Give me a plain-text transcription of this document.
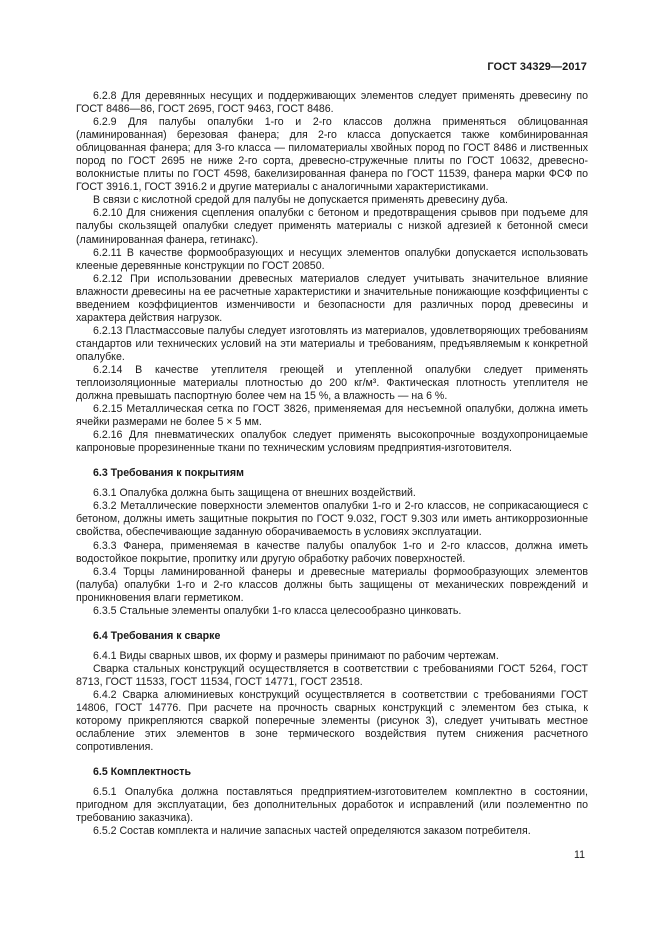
ГОСТ 34329—2017

6.2.8 Для деревянных несущих и поддерживающих элементов следует применять древесину по ГОСТ 8486—86, ГОСТ 2695, ГОСТ 9463, ГОСТ 8486.

6.2.9 Для палубы опалубки 1-го и 2-го классов должна применяться облицованная (ламинированная) березовая фанера; для 2-го класса допускается также комбинированная облицованная фанера; для 3-го класса — пиломатериалы хвойных пород по ГОСТ 8486 и лиственных пород по ГОСТ 2695 не ниже 2-го сорта, древесно-стружечные плиты по ГОСТ 10632, древесно-волокнистые плиты по ГОСТ 4598, бакелизированная фанера по ГОСТ 11539, фанера марки ФСФ по ГОСТ 3916.1, ГОСТ 3916.2 и другие материалы с аналогичными характеристиками.

В связи с кислотной средой для палубы не допускается применять древесину дуба.

6.2.10 Для снижения сцепления опалубки с бетоном и предотвращения срывов при подъеме для палубы скользящей опалубки следует применять материалы с низкой адгезией к бетонной смеси (ламинированная фанера, гетинакс).

6.2.11 В качестве формообразующих и несущих элементов опалубки допускается использовать клееные деревянные конструкции по ГОСТ 20850.

6.2.12 При использовании древесных материалов следует учитывать значительное влияние влажности древесины на ее расчетные характеристики и значительные понижающие коэффициенты с введением коэффициентов изменчивости и безопасности для различных пород древесины и характера действия нагрузок.

6.2.13 Пластмассовые палубы следует изготовлять из материалов, удовлетворяющих требованиям стандартов или технических условий на эти материалы и требованиям, предъявляемым к конкретной опалубке.

6.2.14 В качестве утеплителя греющей и утепленной опалубки следует применять теплоизоляционные материалы плотностью до 200 кг/м³. Фактическая плотность утеплителя не должна превышать паспортную более чем на 15 %, а влажность — на 6 %.

6.2.15 Металлическая сетка по ГОСТ 3826, применяемая для несъемной опалубки, должна иметь ячейки размерами не более 5 × 5 мм.

6.2.16 Для пневматических опалубок следует применять высокопрочные воздухопроницаемые капроновые прорезиненные ткани по техническим условиям предприятия-изготовителя.

6.3 Требования к покрытиям

6.3.1 Опалубка должна быть защищена от внешних воздействий.

6.3.2 Металлические поверхности элементов опалубки 1-го и 2-го классов, не соприкасающиеся с бетоном, должны иметь защитные покрытия по ГОСТ 9.032, ГОСТ 9.303 или иметь антикоррозионные свойства, обеспечивающие заданную оборачиваемость в условиях эксплуатации.

6.3.3 Фанера, применяемая в качестве палубы опалубок 1-го и 2-го классов, должна иметь водостойкое покрытие, пропитку или другую обработку рабочих поверхностей.

6.3.4 Торцы ламинированной фанеры и древесные материалы формообразующих элементов (палуба) опалубки 1-го и 2-го классов должны быть защищены от механических повреждений и проникновения влаги герметиком.

6.3.5 Стальные элементы опалубки 1-го класса целесообразно цинковать.

6.4 Требования к сварке

6.4.1 Виды сварных швов, их форму и размеры принимают по рабочим чертежам.

Сварка стальных конструкций осуществляется в соответствии с требованиями ГОСТ 5264, ГОСТ 8713, ГОСТ 11533, ГОСТ 11534, ГОСТ 14771, ГОСТ 23518.

6.4.2 Сварка алюминиевых конструкций осуществляется в соответствии с требованиями ГОСТ 14806, ГОСТ 14776. При расчете на прочность сварных конструкций с элементом без стыка, к которому прикрепляются сваркой поперечные элементы (рисунок 3), следует учитывать местное ослабление этих элементов в зоне термического воздействия путем снижения расчетного сопротивления.

6.5 Комплектность

6.5.1 Опалубка должна поставляться предприятием-изготовителем комплектно в состоянии, пригодном для эксплуатации, без дополнительных доработок и исправлений (или поэлементно по требованию заказчика).

6.5.2 Состав комплекта и наличие запасных частей определяются заказом потребителя.

11
